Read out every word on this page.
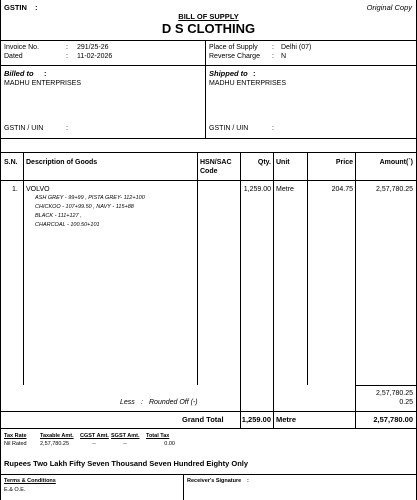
GSTIN :	Original Copy
BILL OF SUPPLY
D S CLOTHING
Invoice No.	: 291/25-26
Dated	: 11-02-2026
Place of Supply : Delhi (07)
Reverse Charge : N
Billed to :
MADHU ENTERPRISES
GSTIN / UIN	:
Shipped to :
MADHU ENTERPRISES
GSTIN / UIN	:
S.N. Description of Goods	HSN/SAC
Code
Qty. Unit	Price	Amount(`)
1. VOLVO
ASH GREY - 99+99 , PISTA GREY- 112+100
CHICKOO - 107+99.50 , NAVY - 115+88
BLACK - 111+127 ,
CHARCOAL - 100.50+101
1,259.00 Metre	204.75	2,57,780.25
2,57,780.25
Less : Rounded Off (-)	0.25
Grand Total	1,259.00 Metre	2,57,780.00
Tax Rate Taxable Amt. CGST Amt. SGST Amt. Total Tax
Nil Rated 2,57,780.25	--	--	0.00
Rupees Two Lakh Fifty Seven Thousand Seven Hundred Eighty Only
Terms & Conditions
E.& O.E.
Receiver's Signature :
